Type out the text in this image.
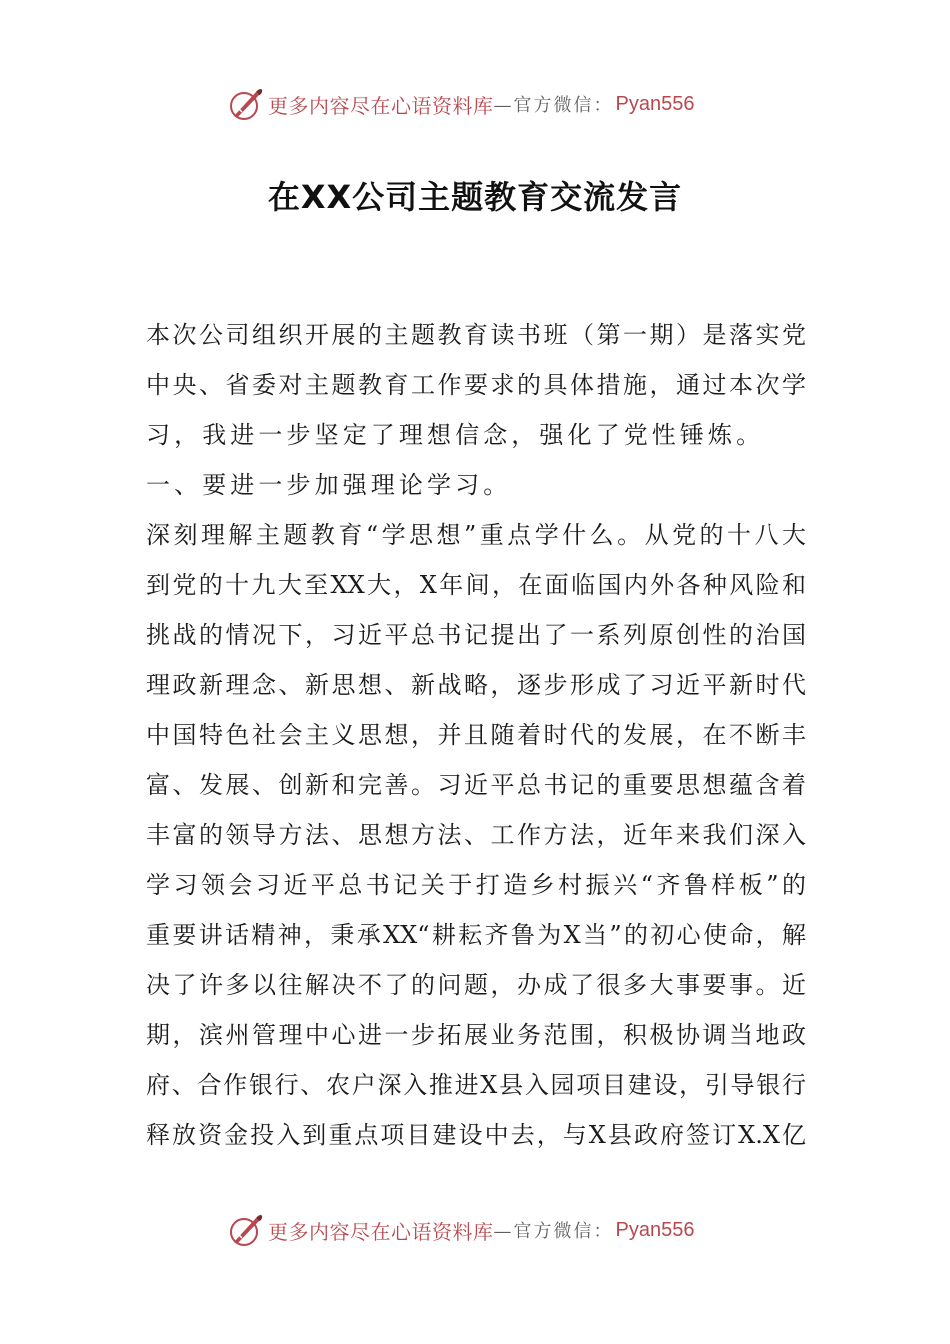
更多内容尽在心语资料库 —官方微信： Pyan556
在XX公司主题教育交流发言
本次公司组织开展的主题教育读书班（第一期）是落实党
中央、省委对主题教育工作要求的具体措施，通过本次学
习，我进一步坚定了理想信念，强化了党性锤炼。
一、要进一步加强理论学习。
深刻理解主题教育“学思想”重点学什么。从党的十八大
到党的十九大至XX大，X年间，在面临国内外各种风险和
挑战的情况下，习近平总书记提出了一系列原创性的治国
理政新理念、新思想、新战略，逐步形成了习近平新时代
中国特色社会主义思想，并且随着时代的发展，在不断丰
富、发展、创新和完善。习近平总书记的重要思想蕴含着
丰富的领导方法、思想方法、工作方法，近年来我们深入
学习领会习近平总书记关于打造乡村振兴“齐鲁样板”的
重要讲话精神，秉承XX“耕耘齐鲁为X当”的初心使命，解
决了许多以往解决不了的问题，办成了很多大事要事。近
期，滨州管理中心进一步拓展业务范围，积极协调当地政
府、合作银行、农户深入推进X县入园项目建设，引导银行
释放资金投入到重点项目建设中去，与X县政府签订X.X亿
更多内容尽在心语资料库 —官方微信： Pyan556
